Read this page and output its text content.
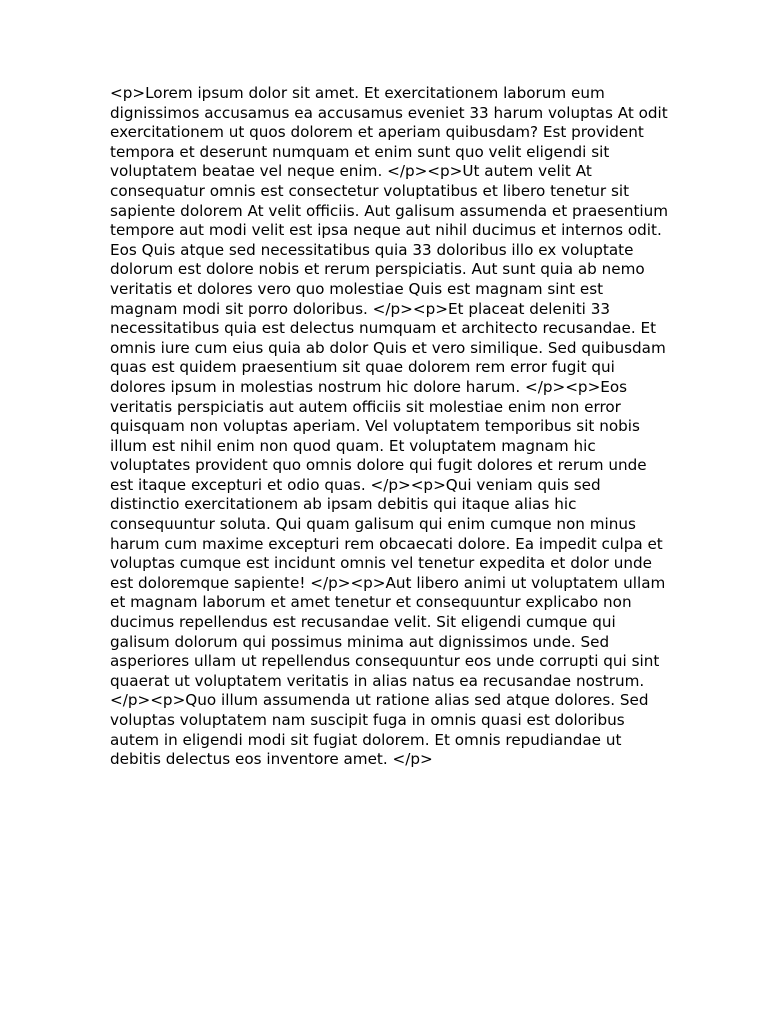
<p>Lorem ipsum dolor sit amet. Et exercitationem laborum eum dignissimos accusamus ea accusamus eveniet 33 harum voluptas At odit exercitationem ut quos dolorem et aperiam quibusdam? Est provident tempora et deserunt numquam et enim sunt quo velit eligendi sit voluptatem beatae vel neque enim. </p><p>Ut autem velit At consequatur omnis est consectetur voluptatibus et libero tenetur sit sapiente dolorem At velit officiis. Aut galisum assumenda et praesentium tempore aut modi velit est ipsa neque aut nihil ducimus et internos odit. Eos Quis atque sed necessitatibus quia 33 doloribus illo ex voluptate dolorum est dolore nobis et rerum perspiciatis. Aut sunt quia ab nemo veritatis et dolores vero quo molestiae Quis est magnam sint est magnam modi sit porro doloribus. </p><p>Et placeat deleniti 33 necessitatibus quia est delectus numquam et architecto recusandae. Et omnis iure cum eius quia ab dolor Quis et vero similique. Sed quibusdam quas est quidem praesentium sit quae dolorem rem error fugit qui dolores ipsum in molestias nostrum hic dolore harum. </p><p>Eos veritatis perspiciatis aut autem officiis sit molestiae enim non error quisquam non voluptas aperiam. Vel voluptatem temporibus sit nobis illum est nihil enim non quod quam. Et voluptatem magnam hic voluptates provident quo omnis dolore qui fugit dolores et rerum unde est itaque excepturi et odio quas. </p><p>Qui veniam quis sed distinctio exercitationem ab ipsam debitis qui itaque alias hic consequuntur soluta. Qui quam galisum qui enim cumque non minus harum cum maxime excepturi rem obcaecati dolore. Ea impedit culpa et voluptas cumque est incidunt omnis vel tenetur expedita et dolor unde est doloremque sapiente! </p><p>Aut libero animi ut voluptatem ullam et magnam laborum et amet tenetur et consequuntur explicabo non ducimus repellendus est recusandae velit. Sit eligendi cumque qui galisum dolorum qui possimus minima aut dignissimos unde. Sed asperiores ullam ut repellendus consequuntur eos unde corrupti qui sint quaerat ut voluptatem veritatis in alias natus ea recusandae nostrum. </p><p>Quo illum assumenda ut ratione alias sed atque dolores. Sed voluptas voluptatem nam suscipit fuga in omnis quasi est doloribus autem in eligendi modi sit fugiat dolorem. Et omnis repudiandae ut debitis delectus eos inventore amet. </p>
